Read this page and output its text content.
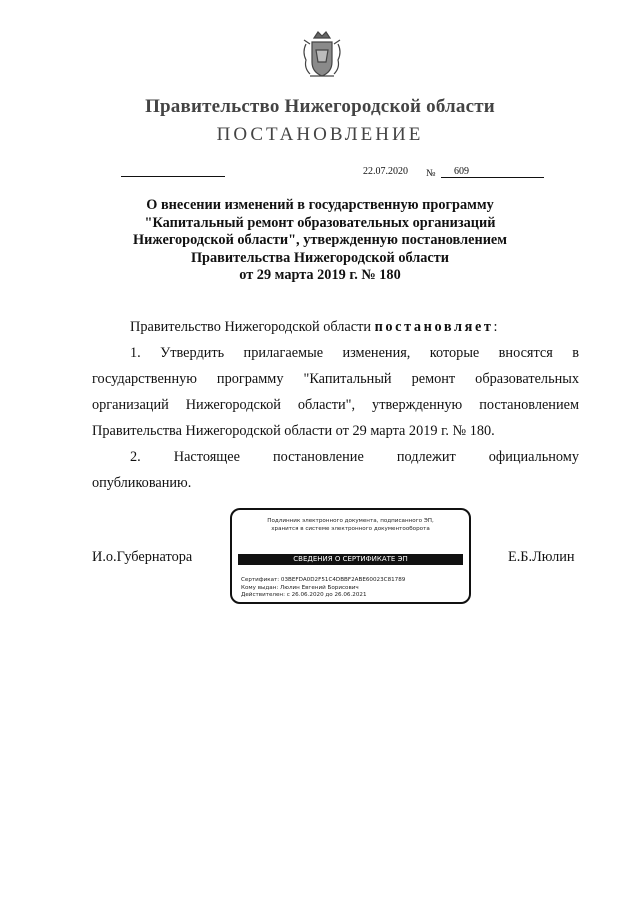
Правительство Нижегородской области
ПОСТАНОВЛЕНИЕ
22.07.2020 № 609
О внесении изменений в государственную программу
"Капитальный ремонт образовательных организаций
Нижегородской области", утвержденную постановлением
Правительства Нижегородской области
от 29 марта 2019 г. № 180
Правительство Нижегородской области постановляет:
1. Утвердить прилагаемые изменения, которые вносятся в
государственную программу "Капитальный ремонт образовательных
организаций Нижегородской области", утвержденную постановлением
Правительства Нижегородской области от 29 марта 2019 г. № 180.
2. Настоящее постановление подлежит официальному
опубликованию.
И.о.Губернатора	Е.Б.Люлин
Подлинник электронного документа, подписанного ЭП,
хранится в системе электронного документооборота
СВЕДЕНИЯ О СЕРТИФИКАТЕ ЭП
Сертификат: 03BEFDA0D2F51C4DBBF2ABE60023C81789
Кому выдан: Люлин Евгений Борисович
Действителен: с 26.06.2020 до 26.06.2021
